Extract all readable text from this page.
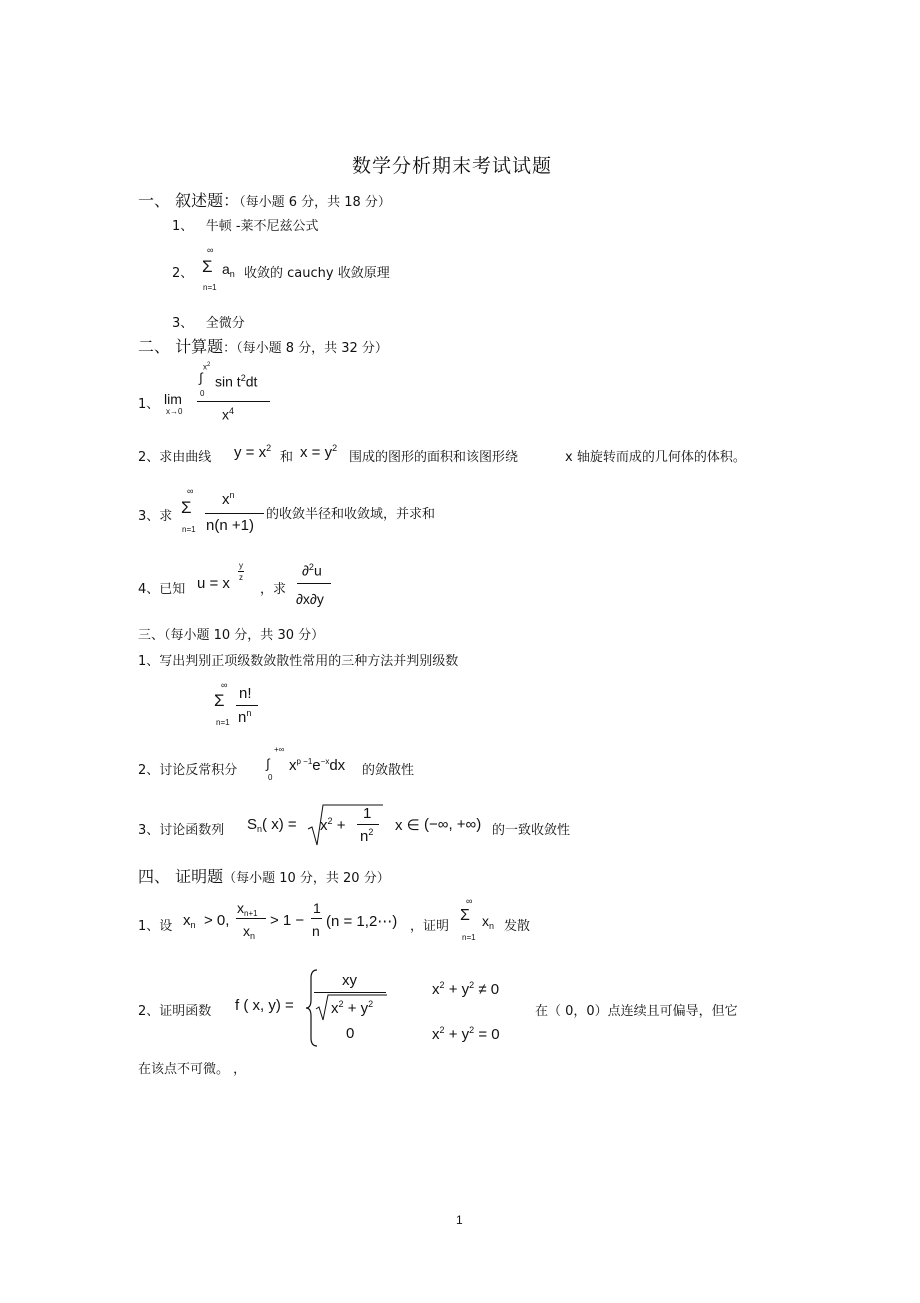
数学分析期末考试试题
一、 叙述题：（每小题 6 分，共 18 分）
1、 牛顿 -莱不尼兹公式
2、
∞
Σ
n=1
$a_n$ 收敛的 cauchy 收敛原理
3、 全微分
二、 计算题：（每小题 8 分，共 32 分）
1、 lim
x→0
$x^2$
∫
0
$\sin t^2dt$
$x^4$
2、求由曲线 $y = x^2$
和 $x = y^2$
围成的图形的面积和该图形绕	x 轴旋转而成的几何体的体积。
3、求
∞
Σ
n=1
$x^n$
n(n +1)
的收敛半径和收敛域，并求和
4、已知 u = x
y
z
，求
∂$^2$u
∂x∂y
三、（每小题 10 分，共 30 分）
1、写出判别正项级数敛散性常用的三种方法并判别级数
∞
Σ
n=1
n!
$n^n$
2、讨论反常积分
+∞
∫
0
$x^{p -1}e^{-x}dx$ 的敛散性
3、讨论函数列 $S_n$( $x) = x^2$ +
1
$n^2$ x ∈ (−∞, +∞) 的一致收敛性
四、 证明题（每小题 10 分，共 20 分）
1、设 $x_n > 0$,
$x_{n+1}$
$x_n$
> 1 −
1
n
(n = 1,2⋯) ，证明
∞
Σ
n=1
$x_n$ 发散
2、证明函数 f ( x, y) =
xy
$x^2 + y^2$
0
$x^2 + y^2 \ne 0$
$x^2 + y^2 = 0$
在（ 0，0）点连续且可偏导，但它
在该点不可微。 ，
1
